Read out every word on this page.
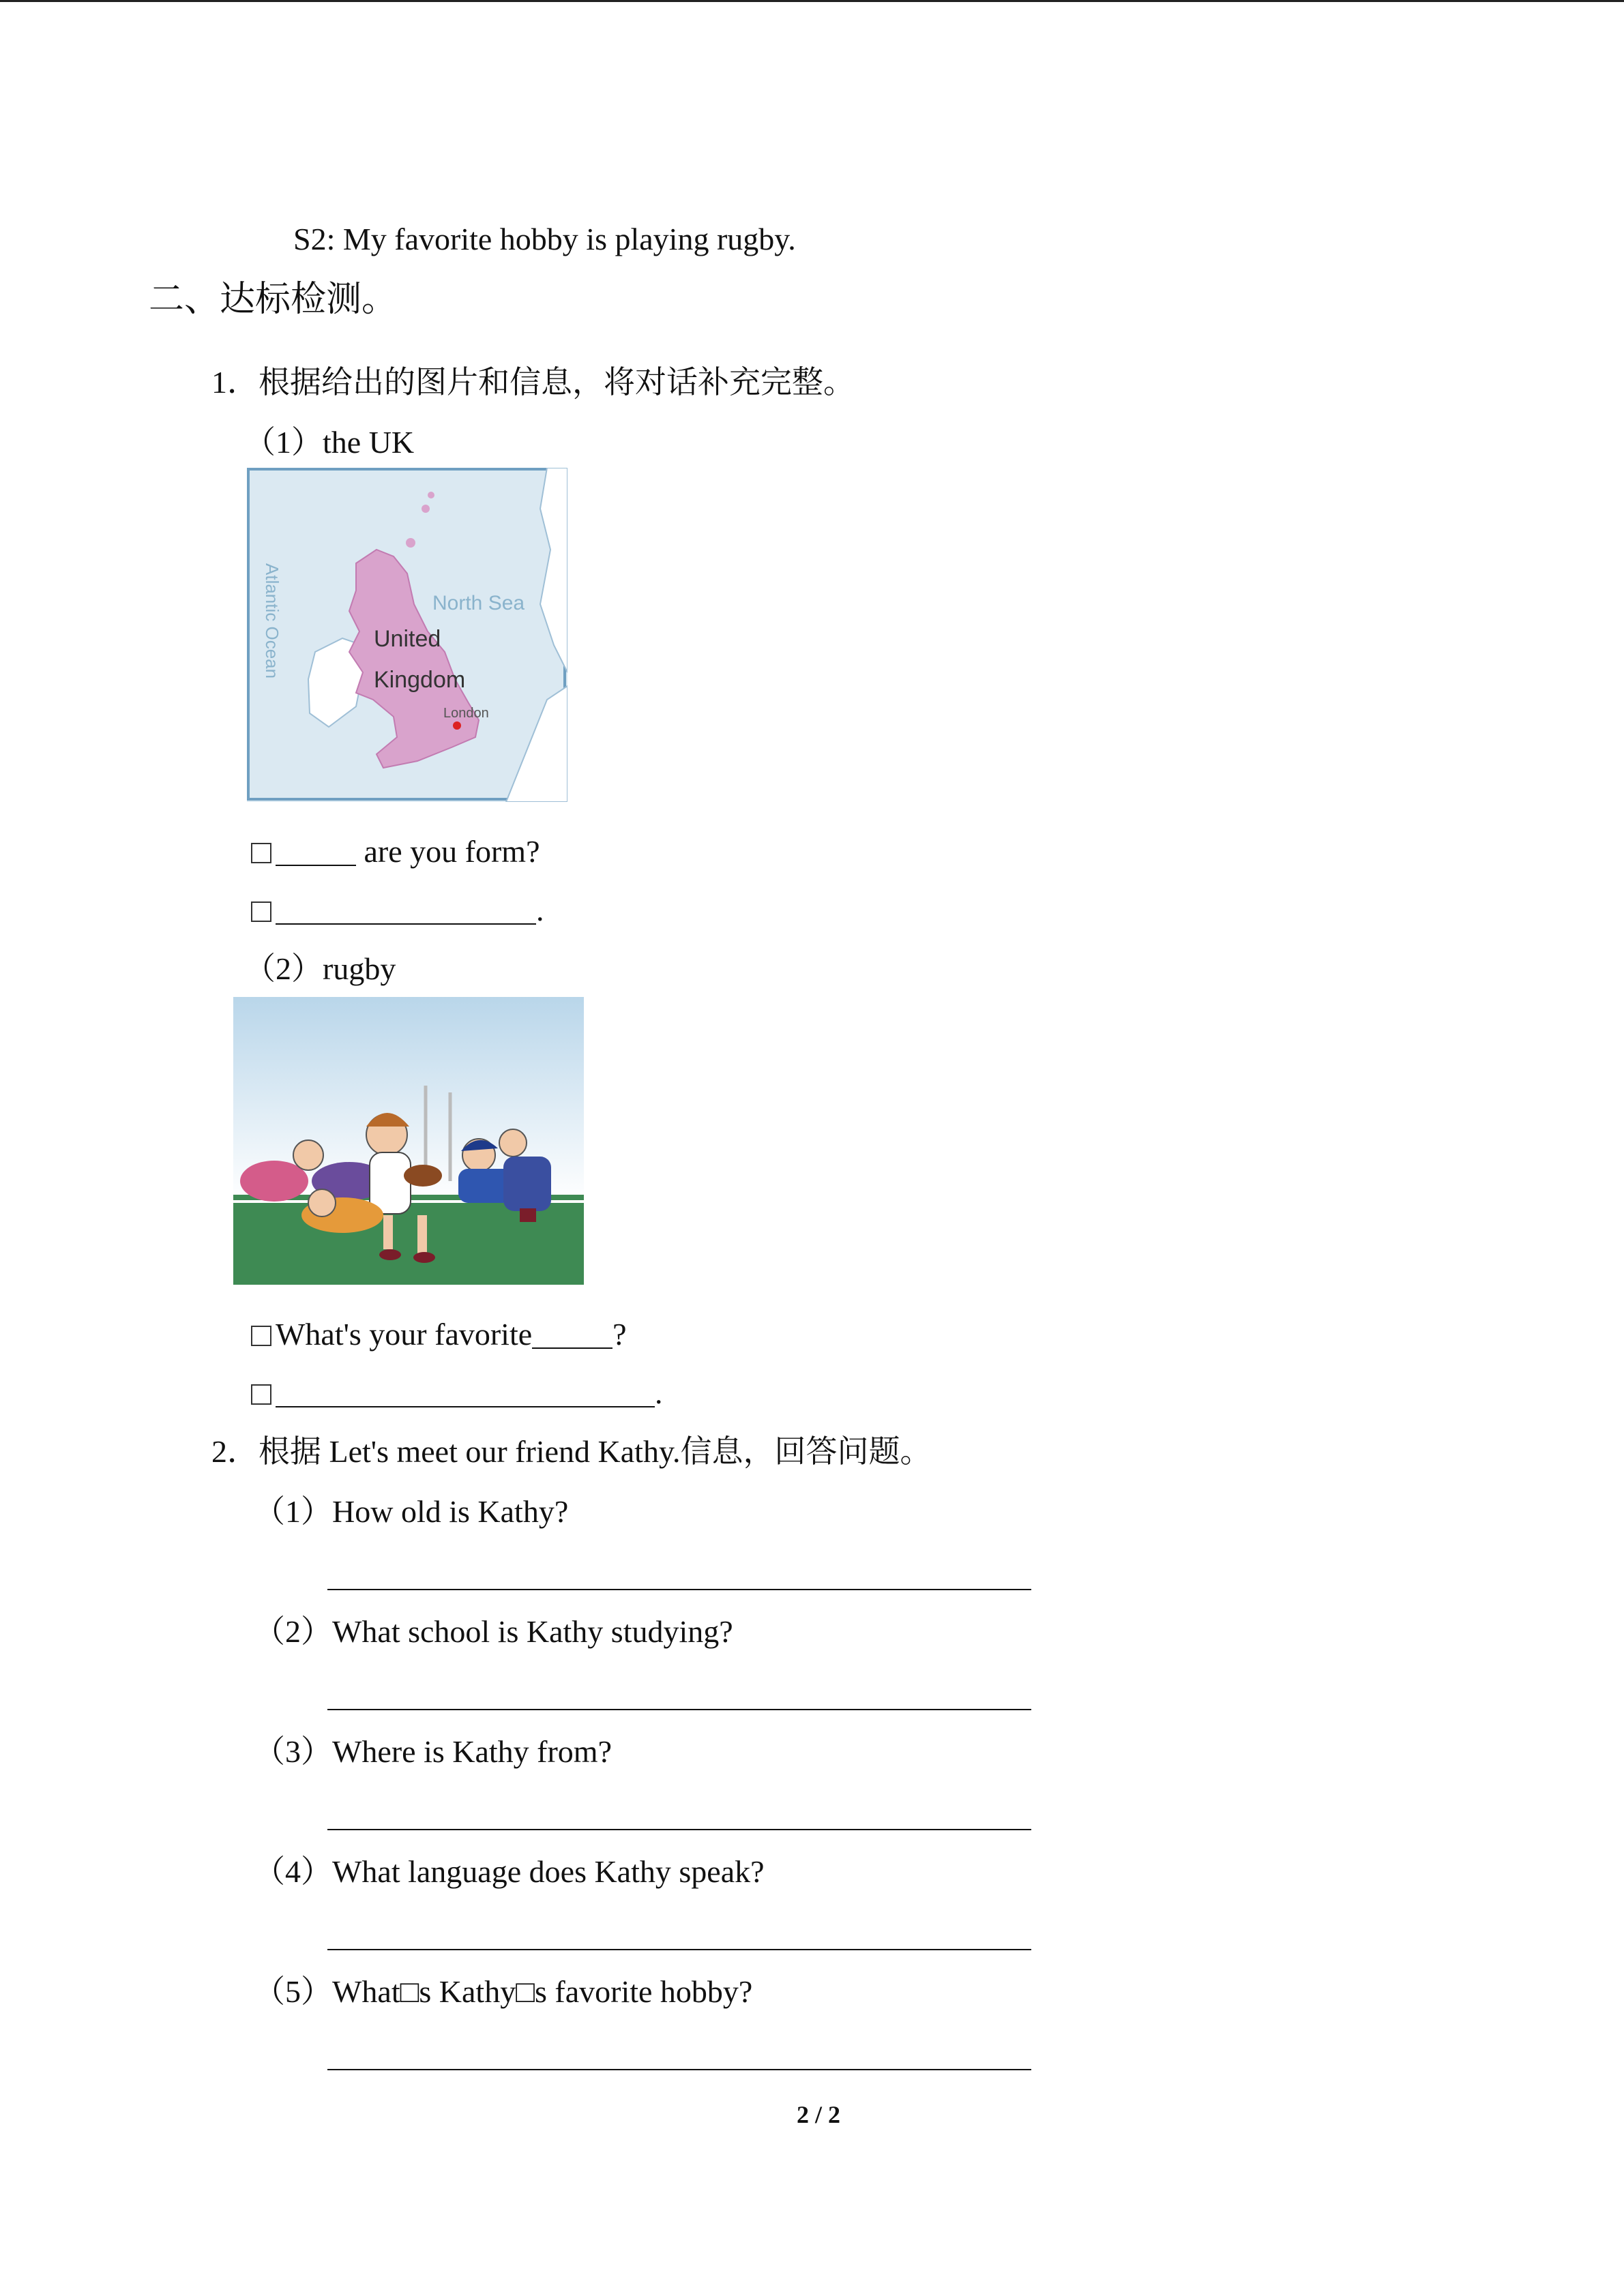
S2: My favorite hobby is playing rugby.
二、达标检测。
1．根据给出的图片和信息，将对话补充完整。
（1）the UK
North Sea
Atlantic Ocean	United
Kingdom
London
are you form?
.
（2）rugby
What's your favorite	?
.
2．根据 Let's meet our friend Kathy.信息，回答问题。
（1）How old is Kathy?
（2）What school is Kathy studying?
（3）Where is Kathy from?
（4）What language does Kathy speak?
（5）What□s Kathy□s favorite hobby?
2 / 2
